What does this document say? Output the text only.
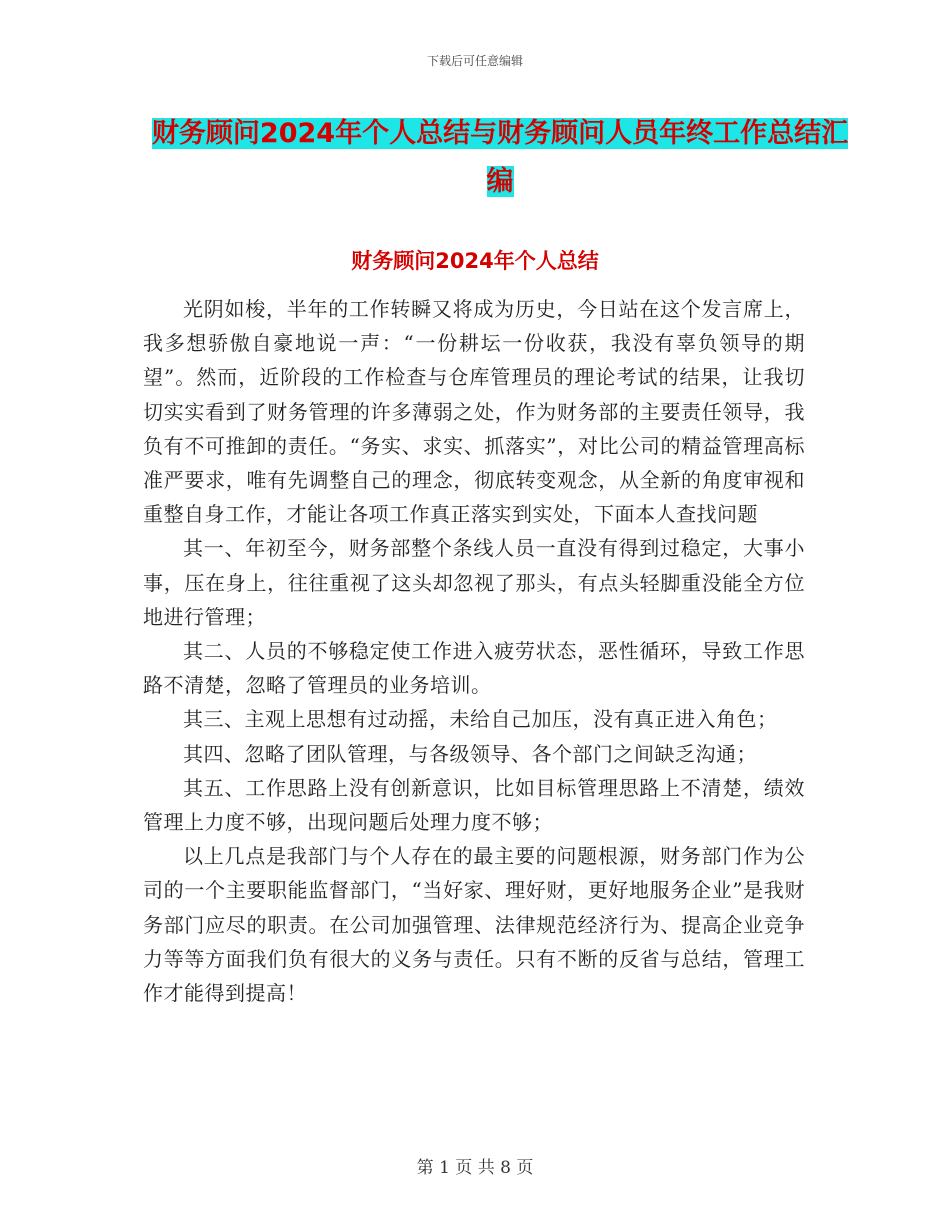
下载后可任意编辑
财务顾问2024年个人总结与财务顾问人员年终工作总结汇编
财务顾问2024年个人总结

光阴如梭，半年的工作转瞬又将成为历史，今日站在这个发言席上，我多想骄傲自豪地说一声：“一份耕坛一份收获，我没有辜负领导的期望”。然而，近阶段的工作检查与仓库管理员的理论考试的结果，让我切切实实看到了财务管理的许多薄弱之处，作为财务部的主要责任领导，我负有不可推卸的责任。“务实、求实、抓落实”，对比公司的精益管理高标准严要求，唯有先调整自己的理念，彻底转变观念，从全新的角度审视和重整自身工作，才能让各项工作真正落实到实处，下面本人查找问题

其一、年初至今，财务部整个条线人员一直没有得到过稳定，大事小事，压在身上，往往重视了这头却忽视了那头，有点头轻脚重没能全方位地进行管理；

其二、人员的不够稳定使工作进入疲劳状态，恶性循环，导致工作思路不清楚，忽略了管理员的业务培训。

其三、主观上思想有过动摇，未给自己加压，没有真正进入角色；

其四、忽略了团队管理，与各级领导、各个部门之间缺乏沟通；

其五、工作思路上没有创新意识，比如目标管理思路上不清楚，绩效管理上力度不够，出现问题后处理力度不够；

以上几点是我部门与个人存在的最主要的问题根源，财务部门作为公司的一个主要职能监督部门，“当好家、理好财，更好地服务企业”是我财务部门应尽的职责。在公司加强管理、法律规范经济行为、提高企业竞争力等等方面我们负有很大的义务与责任。只有不断的反省与总结，管理工作才能得到提高！

第 1 页 共 8 页
